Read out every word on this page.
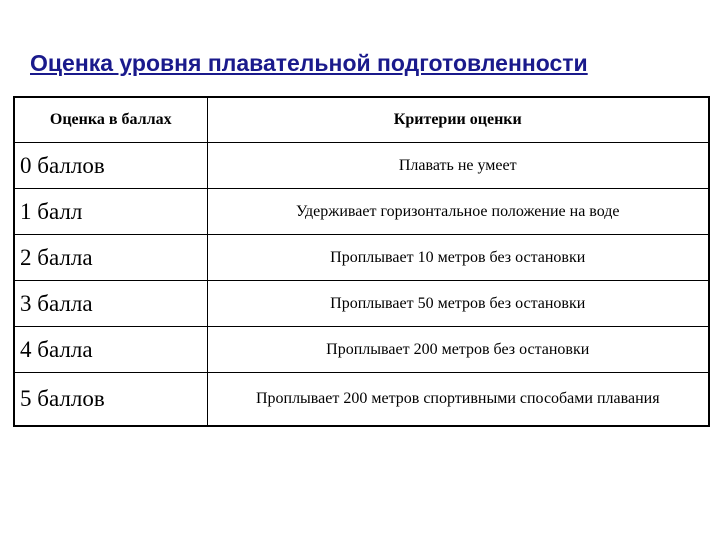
Оценка уровня плавательной подготовленности
Оценка в баллах	Критерии оценки
0 баллов	Плавать не умеет
1 балл	Удерживает горизонтальное положение на воде
2 балла	Проплывает 10 метров без остановки
3 балла	Проплывает 50 метров без остановки
4 балла	Проплывает 200 метров без остановки
5 баллов	Проплывает 200 метров спортивными способами плавания
